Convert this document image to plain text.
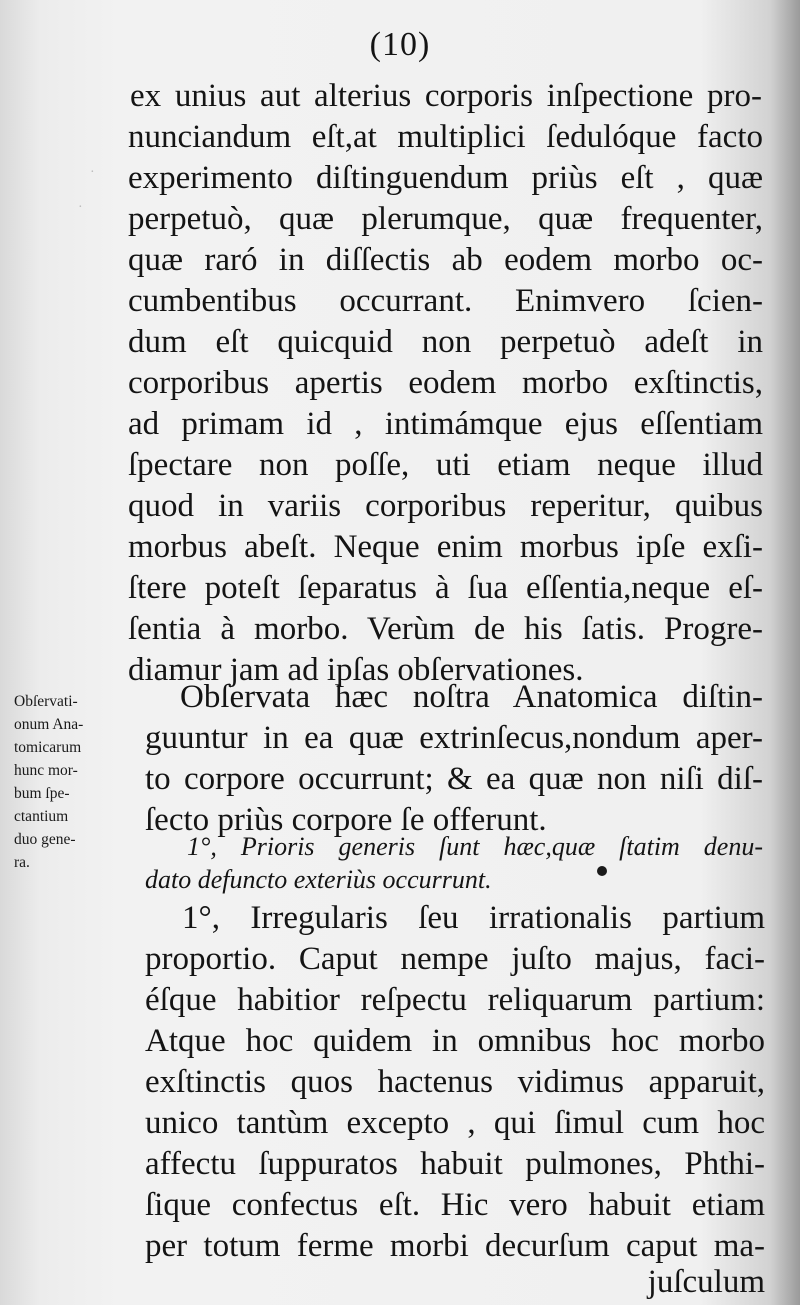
(10)
·
·
ex unius aut alterius corporis inſpectione pro-
nunciandum eſt,at multiplici ſedulóque facto
experimento diſtinguendum priùs eſt , quæ
perpetuò, quæ plerumque, quæ frequenter,
quæ raró in diſſectis ab eodem morbo oc-
cumbentibus occurrant. Enimvero ſcien-
dum eſt quicquid non perpetuò adeſt in
corporibus apertis eodem morbo exſtinctis,
ad primam id , intimámque ejus eſſentiam
ſpectare non poſſe, uti etiam neque illud
quod in variis corporibus reperitur, quibus
morbus abeſt. Neque enim morbus ipſe exſi-
ſtere poteſt ſeparatus à ſua eſſentia,neque eſ-
ſentia à morbo. Verùm de his ſatis. Progre-
diamur jam ad ipſas obſervationes.
Obſervata hæc noſtra Anatomica diſtin-
guuntur in ea quæ extrinſecus,nondum aper-
to corpore occurrunt; & ea quæ non niſi diſ-
ſecto priùs corpore ſe offerunt.
1°, Prioris generis ſunt hæc,quæ ſtatim denu-
dato defuncto exteriùs occurrunt.
1°, Irregularis ſeu irrationalis partium
proportio. Caput nempe juſto majus, faci-
éſque habitior reſpectu reliquarum partium:
Atque hoc quidem in omnibus hoc morbo
exſtinctis quos hactenus vidimus apparuit,
unico tantùm excepto , qui ſimul cum hoc
affectu ſuppuratos habuit pulmones, Phthi-
ſique confectus eſt. Hic vero habuit etiam
per totum ferme morbi decurſum caput ma-
juſculum
Obſervati-
onum Ana-
tomicarum
hunc mor-
bum ſpe-
ctantium
duo gene-
ra.
